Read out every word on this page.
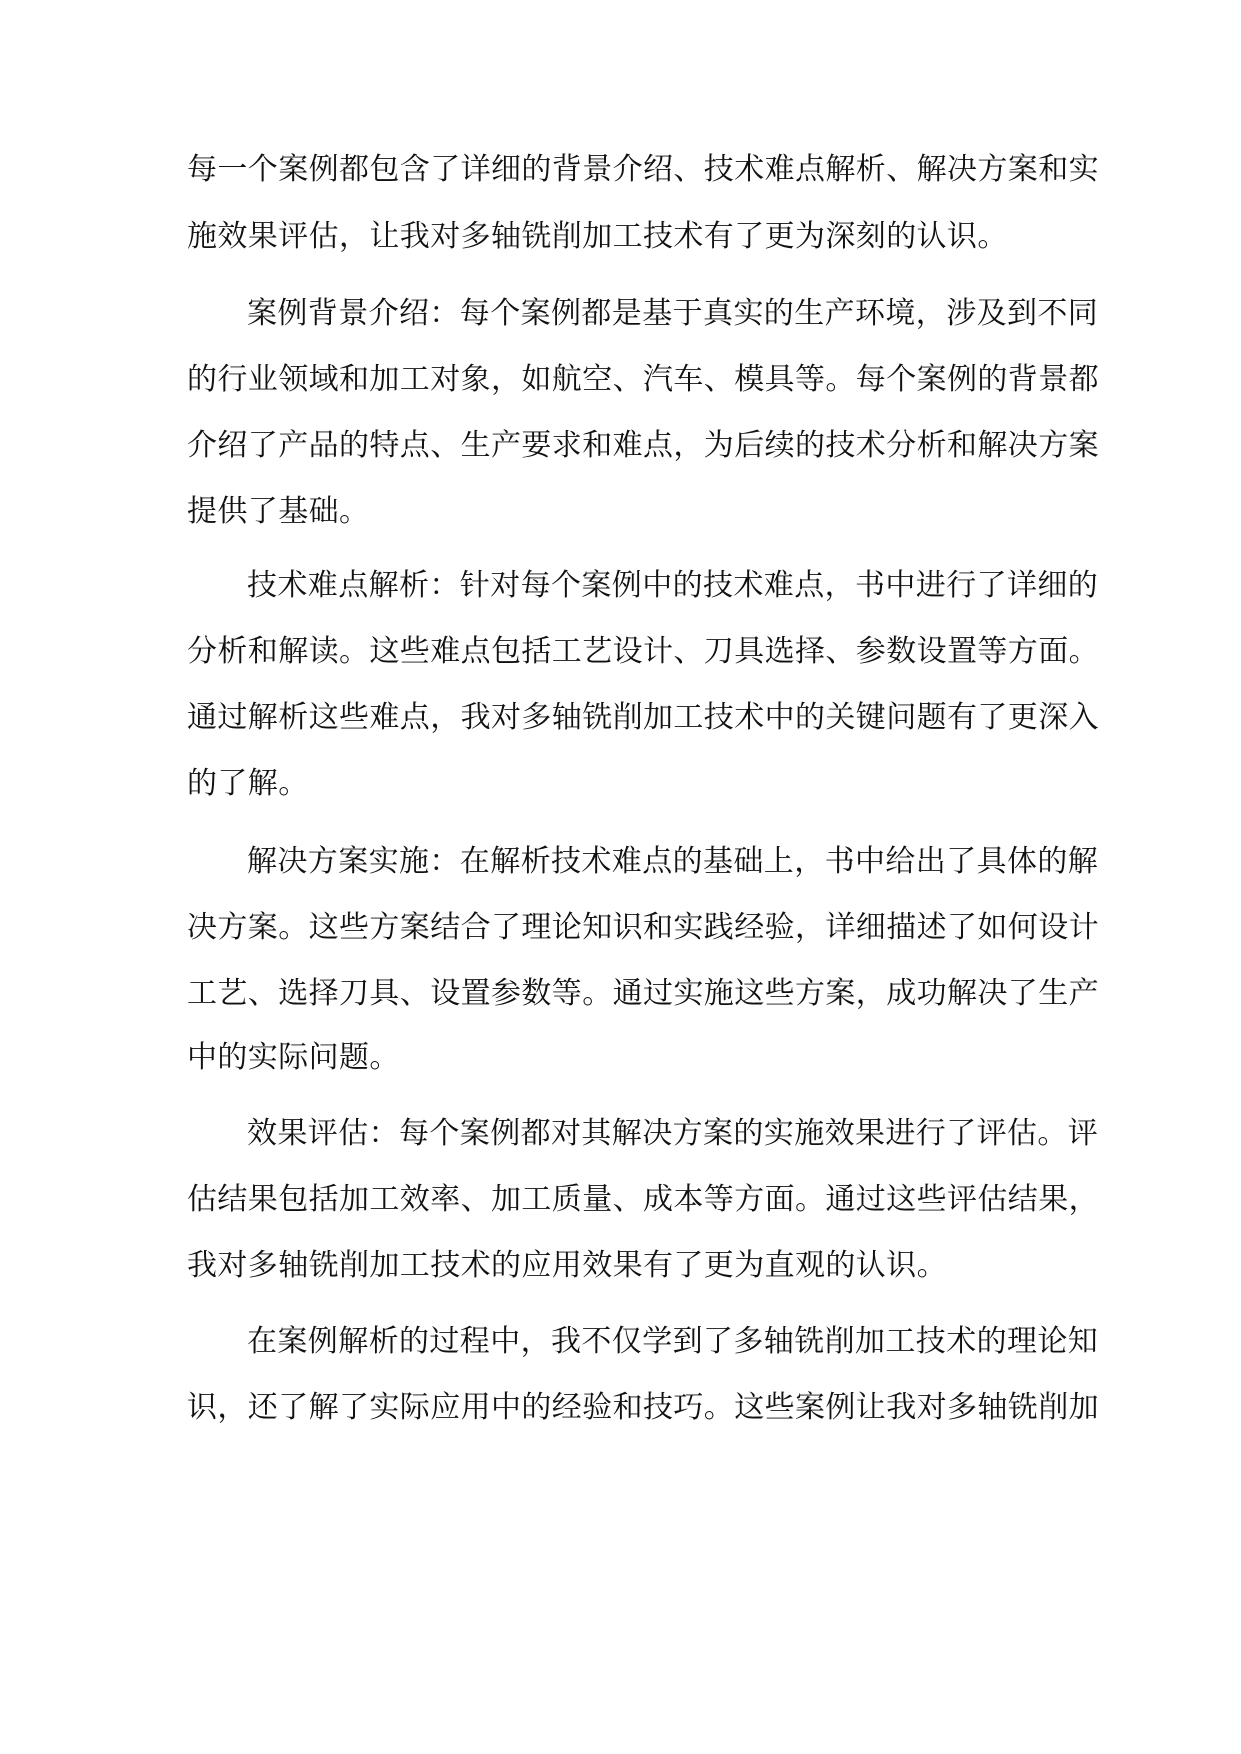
每一个案例都包含了详细的背景介绍、技术难点解析、解决方案和实
施效果评估，让我对多轴铣削加工技术有了更为深刻的认识。
案例背景介绍：每个案例都是基于真实的生产环境，涉及到不同
的行业领域和加工对象，如航空、汽车、模具等。每个案例的背景都
介绍了产品的特点、生产要求和难点，为后续的技术分析和解决方案
提供了基础。
技术难点解析：针对每个案例中的技术难点，书中进行了详细的
分析和解读。这些难点包括工艺设计、刀具选择、参数设置等方面。
通过解析这些难点，我对多轴铣削加工技术中的关键问题有了更深入
的了解。
解决方案实施：在解析技术难点的基础上，书中给出了具体的解
决方案。这些方案结合了理论知识和实践经验，详细描述了如何设计
工艺、选择刀具、设置参数等。通过实施这些方案，成功解决了生产
中的实际问题。
效果评估：每个案例都对其解决方案的实施效果进行了评估。评
估结果包括加工效率、加工质量、成本等方面。通过这些评估结果，
我对多轴铣削加工技术的应用效果有了更为直观的认识。
在案例解析的过程中，我不仅学到了多轴铣削加工技术的理论知
识，还了解了实际应用中的经验和技巧。这些案例让我对多轴铣削加
